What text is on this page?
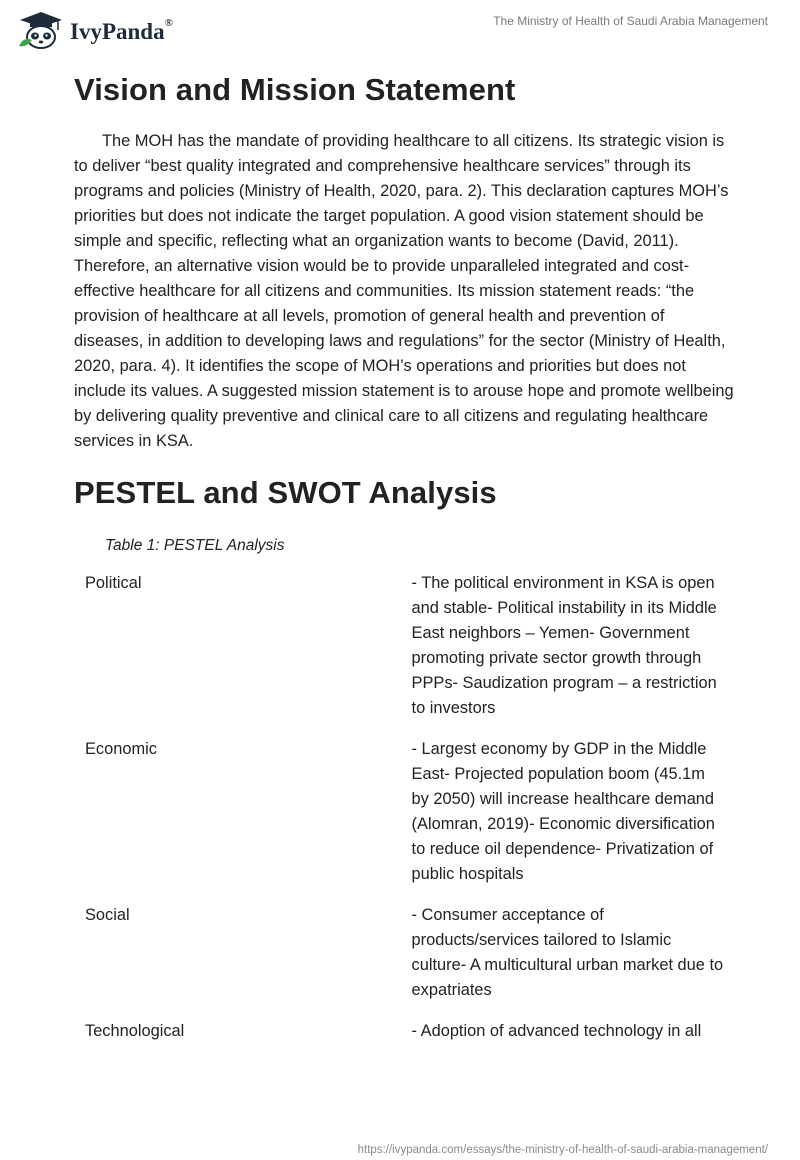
IvyPanda®	The Ministry of Health of Saudi Arabia Management
Vision and Mission Statement

The MOH has the mandate of providing healthcare to all citizens. Its strategic vision is to deliver “best quality integrated and comprehensive healthcare services” through its programs and policies (Ministry of Health, 2020, para. 2). This declaration captures MOH’s priorities but does not indicate the target population. A good vision statement should be simple and specific, reflecting what an organization wants to become (David, 2011). Therefore, an alternative vision would be to provide unparalleled integrated and cost-effective healthcare for all citizens and communities. Its mission statement reads: “the provision of healthcare at all levels, promotion of general health and prevention of diseases, in addition to developing laws and regulations” for the sector (Ministry of Health, 2020, para. 4). It identifies the scope of MOH’s operations and priorities but does not include its values. A suggested mission statement is to arouse hope and promote wellbeing by delivering quality preventive and clinical care to all citizens and regulating healthcare services in KSA.

PESTEL and SWOT Analysis
Table 1: PESTEL Analysis
Political	- The political environment in KSA is open and stable- Political instability in its Middle East neighbors – Yemen- Government promoting private sector growth through PPPs- Saudization program – a restriction to investors
Economic	- Largest economy by GDP in the Middle East- Projected population boom (45.1m by 2050) will increase healthcare demand (Alomran, 2019)- Economic diversification to reduce oil dependence- Privatization of public hospitals
Social	- Consumer acceptance of products/services tailored to Islamic culture- A multicultural urban market due to expatriates
Technological	- Adoption of advanced technology in all
https://ivypanda.com/essays/the-ministry-of-health-of-saudi-arabia-management/
